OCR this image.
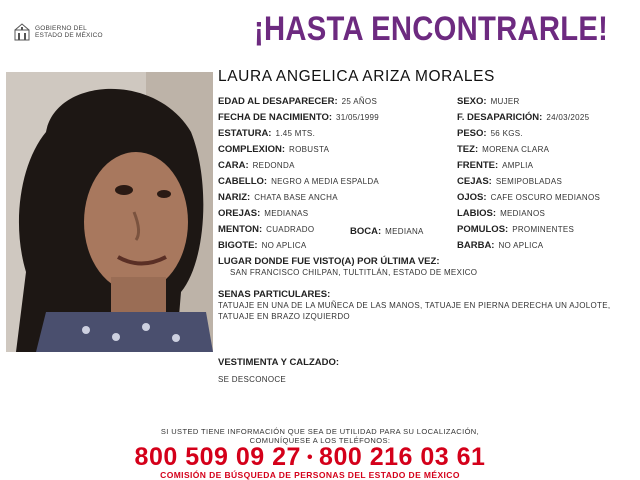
GOBIERNO DEL
ESTADO DE MÉXICO	¡HASTA ENCONTRARLE!
LAURA ANGELICA ARIZA MORALES
EDAD AL DESAPARECER: 25 AÑOS
FECHA DE NACIMIENTO: 31/05/1999
ESTATURA: 1.45 MTS.
COMPLEXION: ROBUSTA
CARA: REDONDA
CABELLO: NEGRO A MEDIA ESPALDA
NARIZ: CHATA BASE ANCHA
OREJAS: MEDIANAS
MENTON: CUADRADO	BOCA: MEDIANA
BIGOTE: NO APLICA
SEXO: MUJER
F. DESAPARICIÓN: 24/03/2025
PESO: 56 KGS.
TEZ: MORENA CLARA
FRENTE: AMPLIA
CEJAS: SEMIPOBLADAS
OJOS: CAFE OSCURO MEDIANOS
LABIOS: MEDIANOS
POMULOS: PROMINENTES
BARBA: NO APLICA
LUGAR DONDE FUE VISTO(A) POR ÚLTIMA VEZ:
SAN FRANCISCO CHILPAN, TULTITLÁN, ESTADO DE MEXICO
SENAS PARTICULARES:
TATUAJE EN UNA DE LA MUÑECA DE LAS MANOS, TATUAJE EN PIERNA DERECHA UN AJOLOTE, TATUAJE EN BRAZO IZQUIERDO
VESTIMENTA Y CALZADO:
SE DESCONOCE
SI USTED TIENE INFORMACIÓN QUE SEA DE UTILIDAD PARA SU LOCALIZACIÓN,
COMUNÍQUESE A LOS TELÉFONOS:
800 509 09 27 • 800 216 03 61
COMISIÓN DE BÚSQUEDA DE PERSONAS DEL ESTADO DE MÉXICO
